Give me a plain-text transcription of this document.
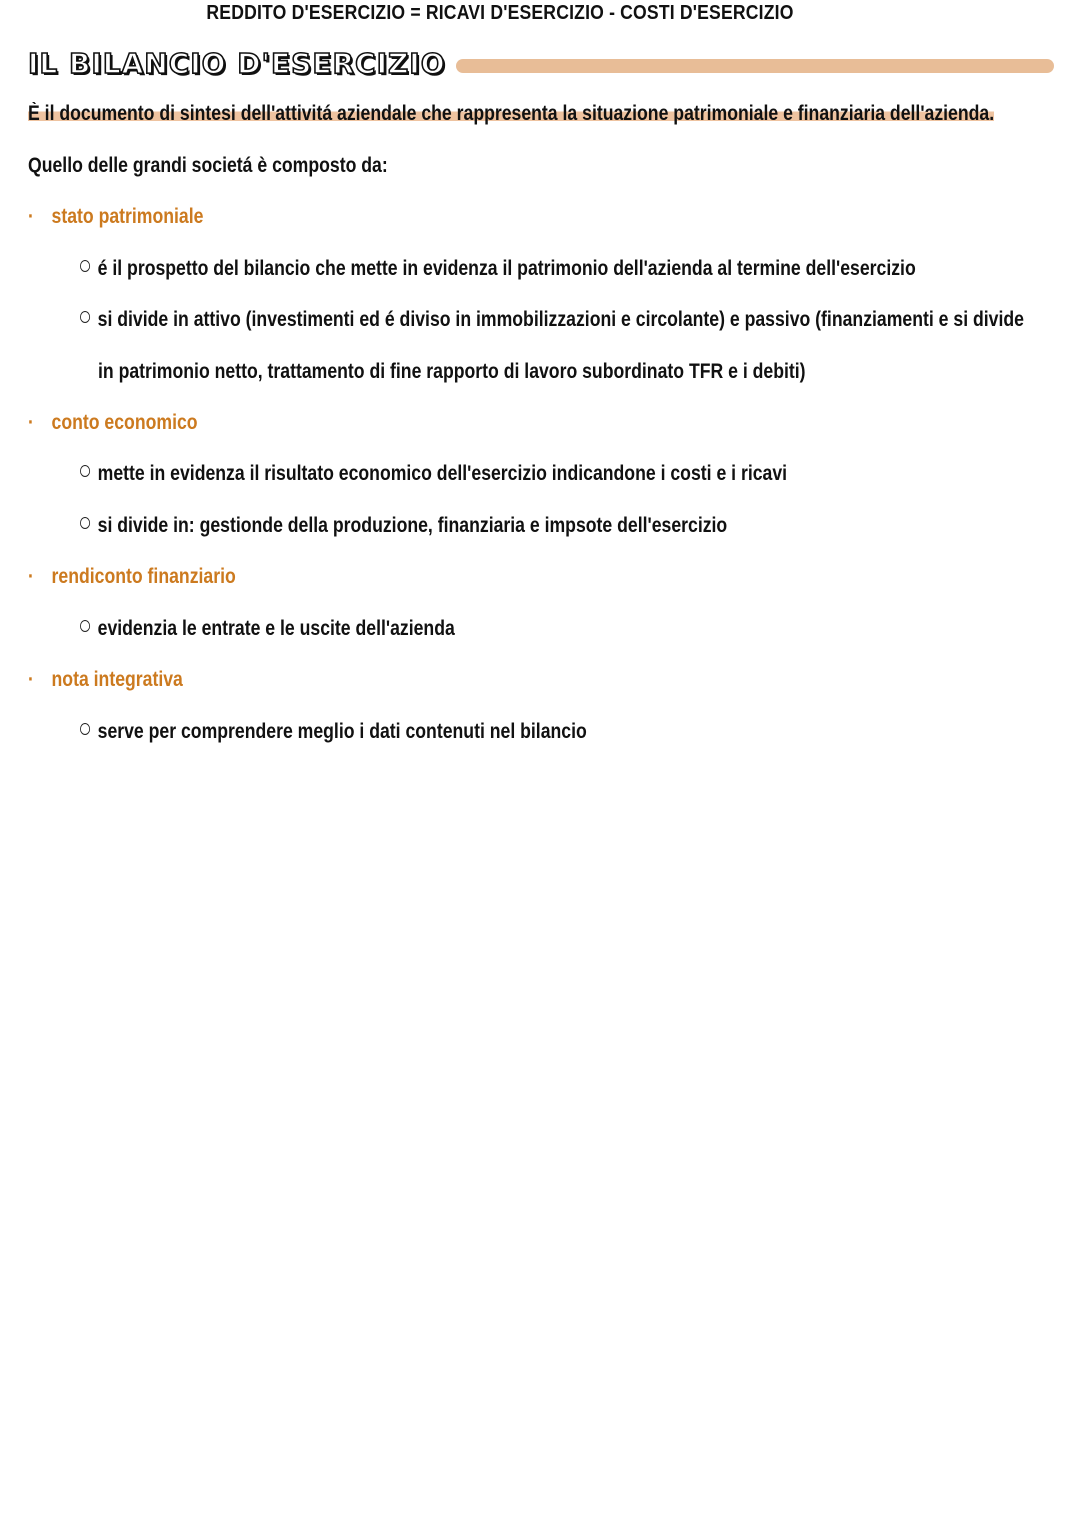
REDDITO D'ESERCIZIO = RICAVI D'ESERCIZIO - COSTI D'ESERCIZIO
IL BILANCIO D'ESERCIZIO
È il documento di sintesi dell'attivitá aziendale che rappresenta la situazione patrimoniale e finanziaria dell'azienda.
Quello delle grandi societá è composto da:
· stato patrimoniale
é il prospetto del bilancio che mette in evidenza il patrimonio dell'azienda al termine dell'esercizio
si divide in attivo (investimenti ed é diviso in immobilizzazioni e circolante) e passivo (finanziamenti e si divide
in patrimonio netto, trattamento di fine rapporto di lavoro subordinato TFR e i debiti)
· conto economico
mette in evidenza il risultato economico dell'esercizio indicandone i costi e i ricavi
si divide in: gestionde della produzione, finanziaria e impsote dell'esercizio
· rendiconto finanziario
evidenzia le entrate e le uscite dell'azienda
· nota integrativa
serve per comprendere meglio i dati contenuti nel bilancio
